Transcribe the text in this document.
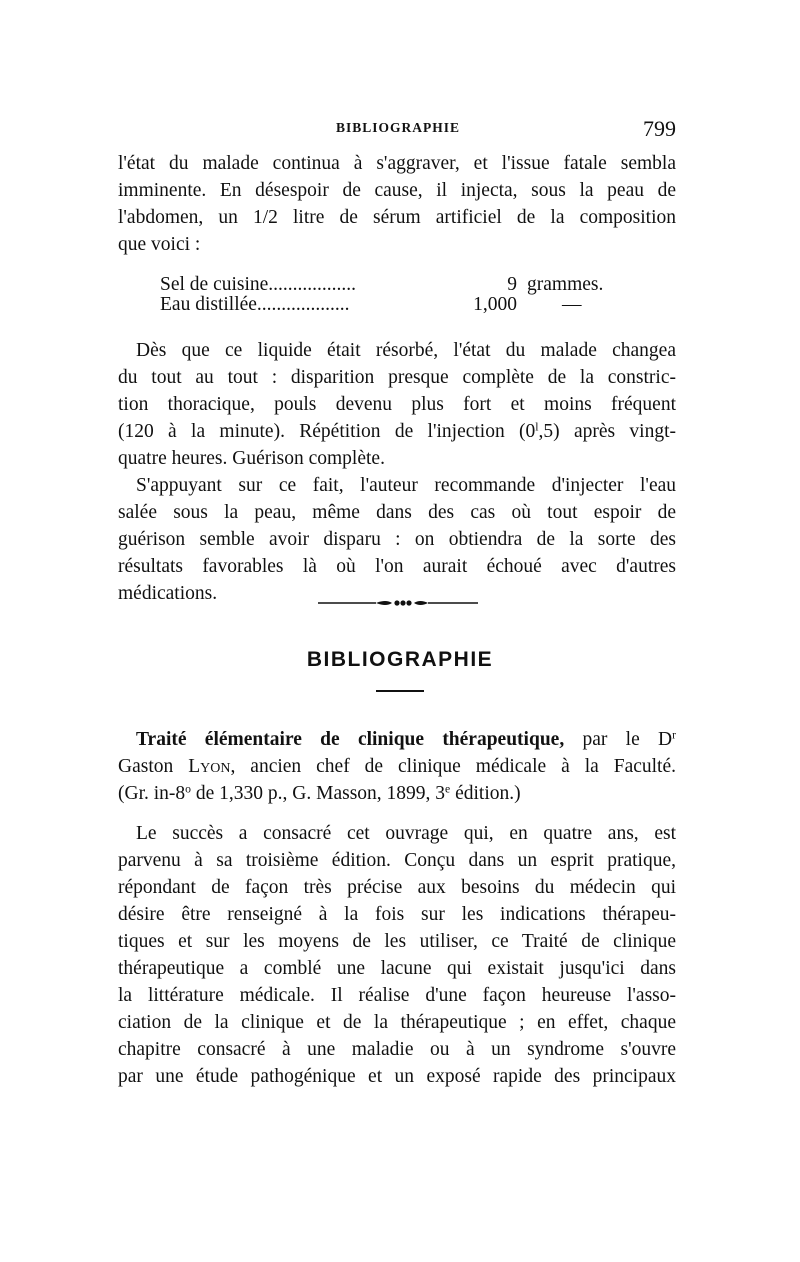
BIBLIOGRAPHIE	799
l'état du malade continua à s'aggraver, et l'issue fatale sembla
imminente. En désespoir de cause, il injecta, sous la peau de
l'abdomen, un 1/2 litre de sérum artificiel de la composition
que voici :
Sel de cuisine..................	9 grammes.
Eau distillée...................	1,000 —
Dès que ce liquide était résorbé, l'état du malade changea
du tout au tout : disparition presque complète de la constric-
tion thoracique, pouls devenu plus fort et moins fréquent
(120 à la minute). Répétition de l'injection (0$^l$,5) après vingt-
quatre heures. Guérison complète.
S'appuyant sur ce fait, l'auteur recommande d'injecter l'eau
salée sous la peau, même dans des cas où tout espoir de
guérison semble avoir disparu : on obtiendra de la sorte des
résultats favorables là où l'on aurait échoué avec d'autres
médications.
BIBLIOGRAPHIE
Traité élémentaire de clinique thérapeutique, par le $D^r$
Gaston Lyon, ancien chef de clinique médicale à la Faculté.
(Gr. in-8$^o$ de 1,330 p., G. Masson, 1899, 3e édition.)
Le succès a consacré cet ouvrage qui, en quatre ans, est
parvenu à sa troisième édition. Conçu dans un esprit pratique,
répondant de façon très précise aux besoins du médecin qui
désire être renseigné à la fois sur les indications thérapeu-
tiques et sur les moyens de les utiliser, ce Traité de clinique
thérapeutique a comblé une lacune qui existait jusqu'ici dans
la littérature médicale. Il réalise d'une façon heureuse l'asso-
ciation de la clinique et de la thérapeutique ; en effet, chaque
chapitre consacré à une maladie ou à un syndrome s'ouvre
par une étude pathogénique et un exposé rapide des principaux
